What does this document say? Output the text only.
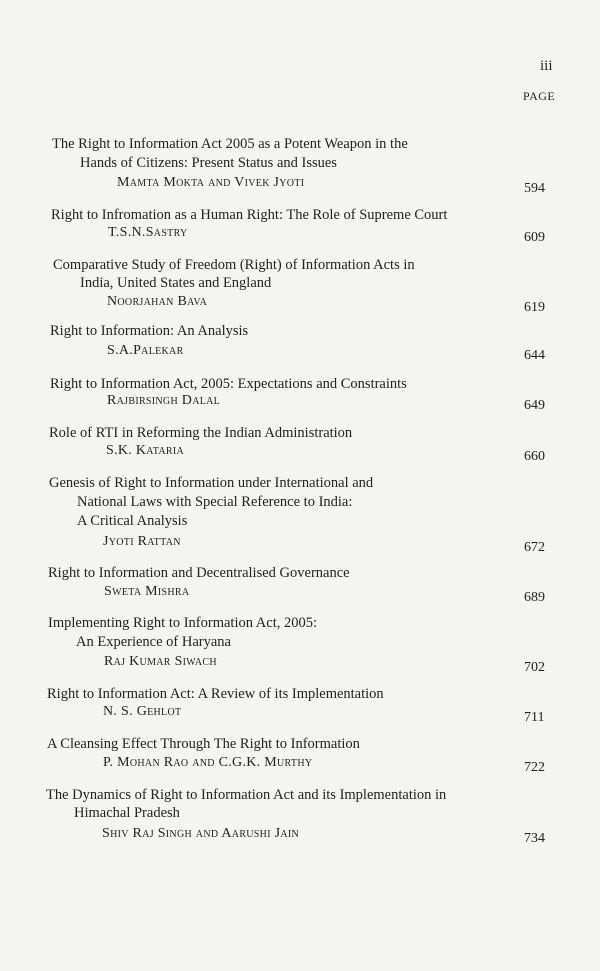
iii
PAGE
The Right to Information Act 2005 as a Potent Weapon in the
Hands of Citizens: Present Status and Issues
Mamta Mokta and Vivek Jyoti	594
Right to Infromation as a Human Right: The Role of Supreme Court
T.S.N.Sastry	609
Comparative Study of Freedom (Right) of Information Acts in
India, United States and England
Noorjahan Bava	619
Right to Information: An Analysis
S.A.Palekar	644
Right to Information Act, 2005: Expectations and Constraints
Rajbirsingh Dalal	649
Role of RTI in Reforming the Indian Administration
S.K. Kataria	660
Genesis of Right to Information under International and
National Laws with Special Reference to India:
A Critical Analysis
Jyoti Rattan	672
Right to Information and Decentralised Governance
Sweta Mishra	689
Implementing Right to Information Act, 2005:
An Experience of Haryana
Raj Kumar Siwach	702
Right to Information Act: A Review of its Implementation
N. S. Gehlot	711
A Cleansing Effect Through The Right to Information
P. Mohan Rao and C.G.K. Murthy	722
The Dynamics of Right to Information Act and its Implementation in
Himachal Pradesh
Shiv Raj Singh and Aarushi Jain	734
